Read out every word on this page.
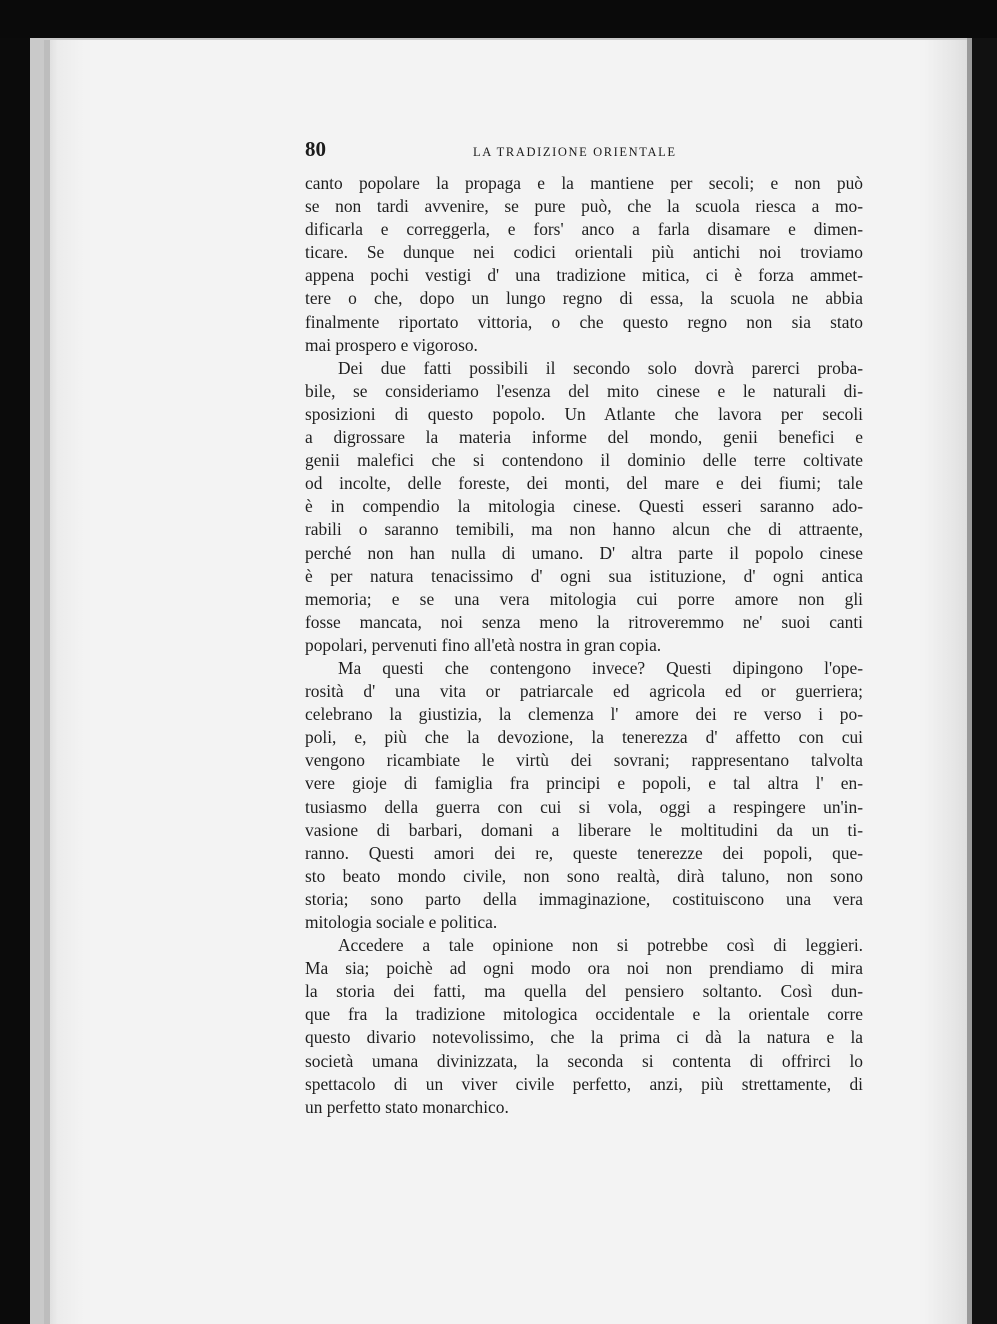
80	LA TRADIZIONE ORIENTALE
canto popolare la propaga e la mantiene per secoli; e non può
se non tardi avvenire, se pure può, che la scuola riesca a mo-
dificarla e correggerla, e fors' anco a farla disamare e dimen-
ticare. Se dunque nei codici orientali più antichi noi troviamo
appena pochi vestigi d' una tradizione mitica, ci è forza ammet-
tere o che, dopo un lungo regno di essa, la scuola ne abbia
finalmente riportato vittoria, o che questo regno non sia stato
mai prospero e vigoroso.
Dei due fatti possibili il secondo solo dovrà parerci proba-
bile, se consideriamo l'esenza del mito cinese e le naturali di-
sposizioni di questo popolo. Un Atlante che lavora per secoli
a digrossare la materia informe del mondo, genii benefici e
genii malefici che si contendono il dominio delle terre coltivate
od incolte, delle foreste, dei monti, del mare e dei fiumi; tale
è in compendio la mitologia cinese. Questi esseri saranno ado-
rabili o saranno temibili, ma non hanno alcun che di attraente,
perché non han nulla di umano. D' altra parte il popolo cinese
è per natura tenacissimo d' ogni sua istituzione, d' ogni antica
memoria; e se una vera mitologia cui porre amore non gli
fosse mancata, noi senza meno la ritroveremmo ne' suoi canti
popolari, pervenuti fino all'età nostra in gran copia.
Ma questi che contengono invece? Questi dipingono l'ope-
rosità d' una vita or patriarcale ed agricola ed or guerriera;
celebrano la giustizia, la clemenza l' amore dei re verso i po-
poli, e, più che la devozione, la tenerezza d' affetto con cui
vengono ricambiate le virtù dei sovrani; rappresentano talvolta
vere gioje di famiglia fra principi e popoli, e tal altra l' en-
tusiasmo della guerra con cui si vola, oggi a respingere un'in-
vasione di barbari, domani a liberare le moltitudini da un ti-
ranno. Questi amori dei re, queste tenerezze dei popoli, que-
sto beato mondo civile, non sono realtà, dirà taluno, non sono
storia; sono parto della immaginazione, costituiscono una vera
mitologia sociale e politica.
Accedere a tale opinione non si potrebbe così di leggieri.
Ma sia; poichè ad ogni modo ora noi non prendiamo di mira
la storia dei fatti, ma quella del pensiero soltanto. Così dun-
que fra la tradizione mitologica occidentale e la orientale corre
questo divario notevolissimo, che la prima ci dà la natura e la
società umana divinizzata, la seconda si contenta di offrirci lo
spettacolo di un viver civile perfetto, anzi, più strettamente, di
un perfetto stato monarchico.
